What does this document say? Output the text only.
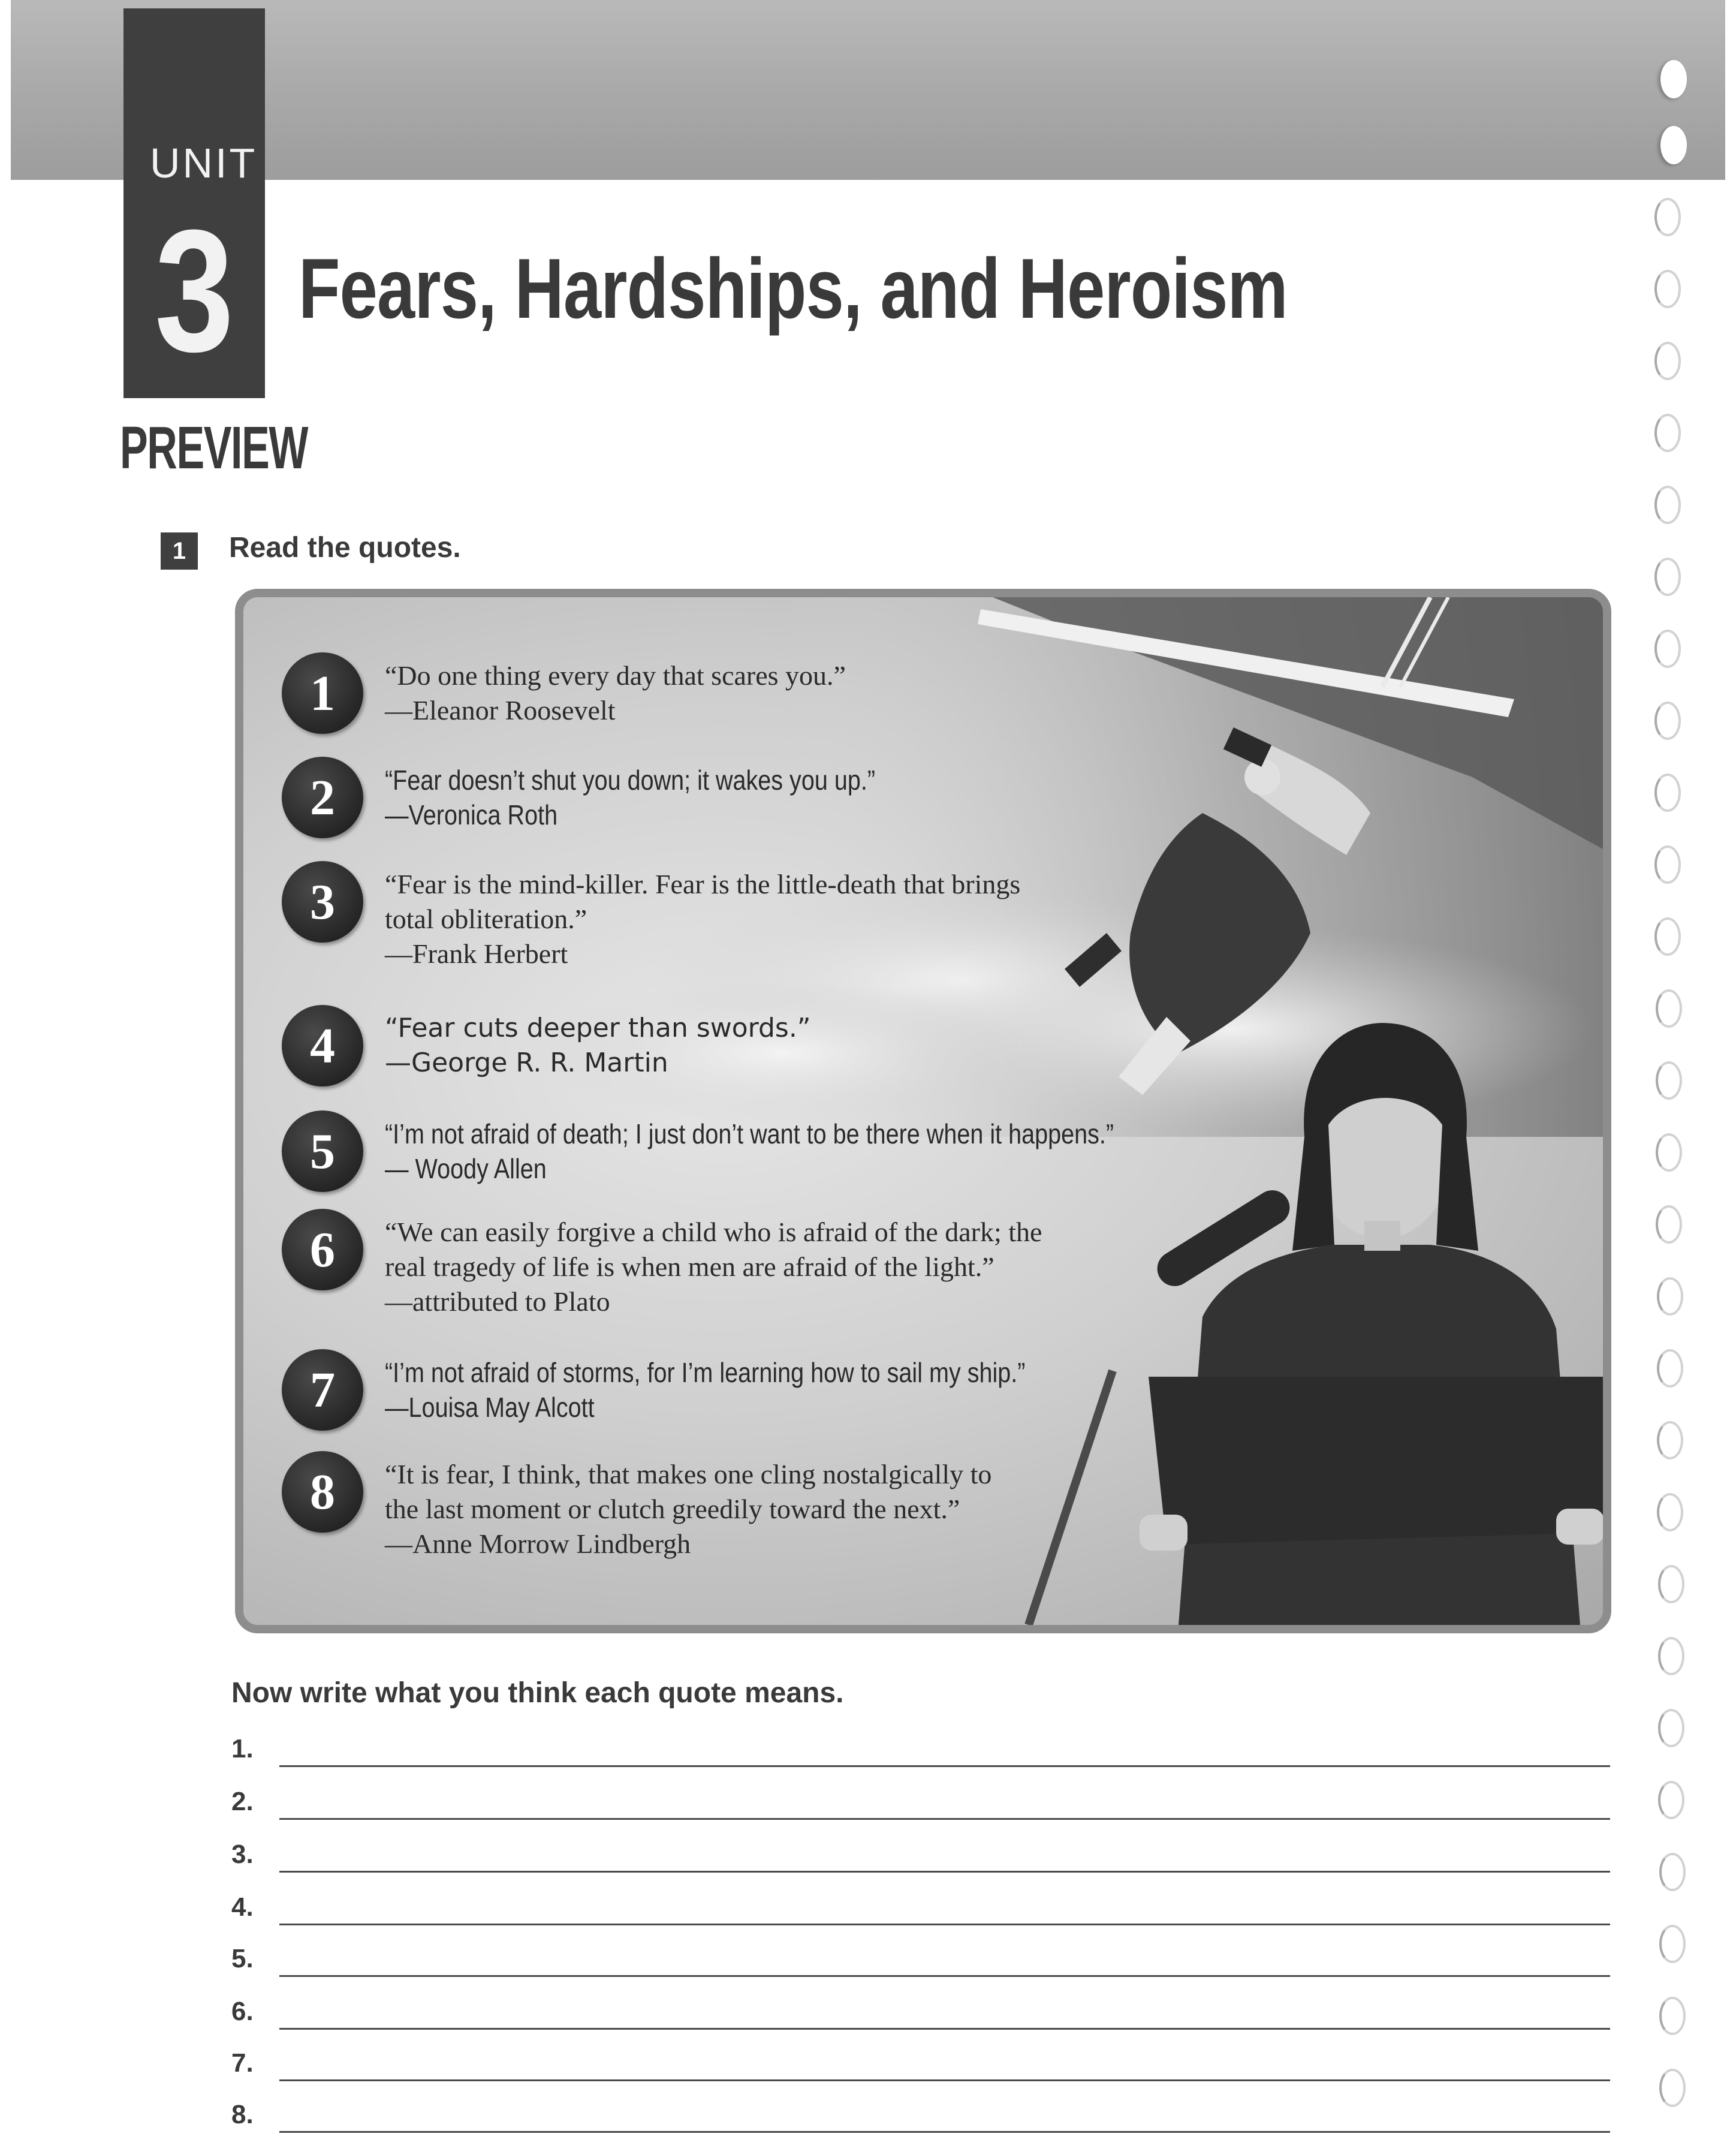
UNIT
3 Fears, Hardships, and Heroism
PREVIEW
1	Read the quotes.
1	“Do one thing every day that scares you.”
—Eleanor Roosevelt
2	“Fear doesn’t shut you down; it wakes you up.”
—Veronica Roth
3	“Fear is the mind-killer. Fear is the little-death that brings
total obliteration.”
—Frank Herbert
4	“Fear cuts deeper than swords.”
—George R. R. Martin
5	“I’m not afraid of death; I just don’t want to be there when it happens.”
— Woody Allen
6	“We can easily forgive a child who is afraid of the dark; the
real tragedy of life is when men are afraid of the light.”
—attributed to Plato
7	“I’m not afraid of storms, for I’m learning how to sail my ship.”
—Louisa May Alcott
8	“It is fear, I think, that makes one cling nostalgically to
the last moment or clutch greedily toward the next.”
—Anne Morrow Lindbergh
Now write what you think each quote means.
1.
2.
3.
4.
5.
6.
7.
8.
